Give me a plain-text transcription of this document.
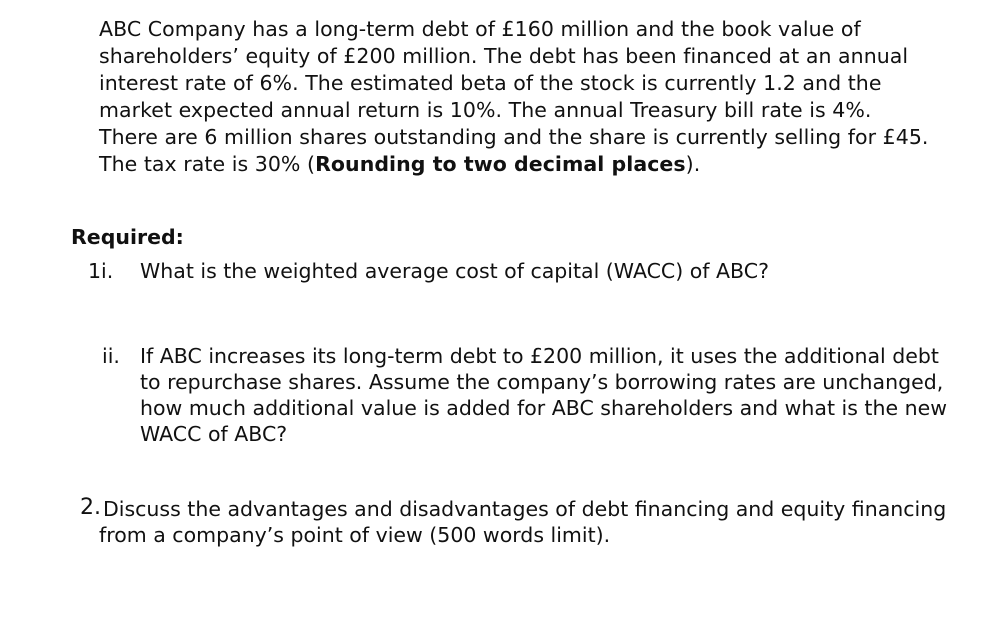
ABC Company has a long-term debt of £160 million and the book value of
shareholders’ equity of £200 million. The debt has been financed at an annual
interest rate of 6%. The estimated beta of the stock is currently 1.2 and the
market expected annual return is 10%. The annual Treasury bill rate is 4%.
There are 6 million shares outstanding and the share is currently selling for £45.
The tax rate is 30% (Rounding to two decimal places).
Required:
1i. What is the weighted average cost of capital (WACC) of ABC?
ii. If ABC increases its long-term debt to £200 million, it uses the additional debt
to repurchase shares. Assume the company’s borrowing rates are unchanged,
how much additional value is added for ABC shareholders and what is the new
WACC of ABC?
2. Discuss the advantages and disadvantages of debt financing and equity financing
from a company’s point of view (500 words limit).
